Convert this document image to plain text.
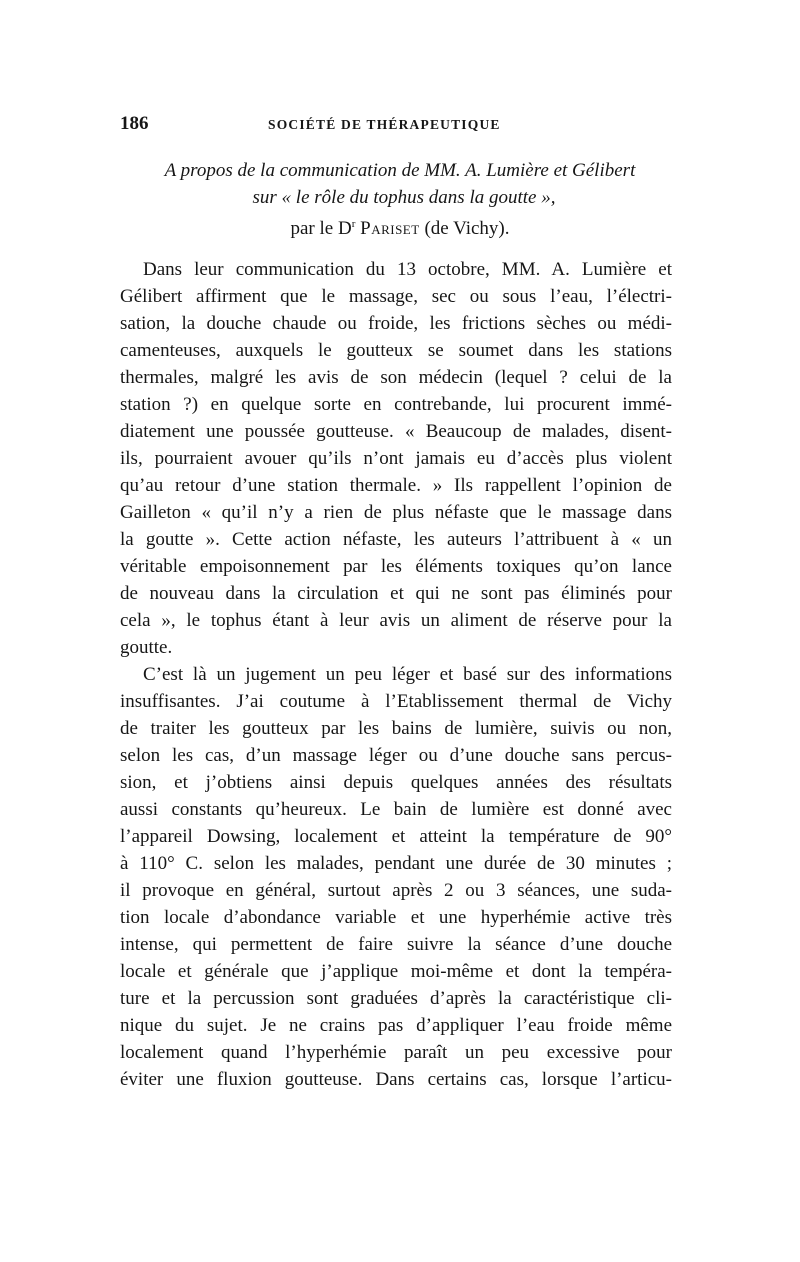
186	SOCIÉTÉ DE THÉRAPEUTIQUE
A propos de la communication de MM. A. Lumière et Gélibert
sur « le rôle du tophus dans la goutte »,
par le $D^r$ Pariset (de Vichy).
Dans leur communication du 13 octobre, MM. A. Lumière et
Gélibert affirment que le massage, sec ou sous l’eau, l’électri-
sation, la douche chaude ou froide, les frictions sèches ou médi-
camenteuses, auxquels le goutteux se soumet dans les stations
thermales, malgré les avis de son médecin (lequel ? celui de la
station ?) en quelque sorte en contrebande, lui procurent immé-
diatement une poussée goutteuse. « Beaucoup de malades, disent-
ils, pourraient avouer qu’ils n’ont jamais eu d’accès plus violent
qu’au retour d’une station thermale. » Ils rappellent l’opinion de
Gailleton « qu’il n’y a rien de plus néfaste que le massage dans
la goutte ». Cette action néfaste, les auteurs l’attribuent à « un
véritable empoisonnement par les éléments toxiques qu’on lance
de nouveau dans la circulation et qui ne sont pas éliminés pour
cela », le tophus étant à leur avis un aliment de réserve pour la
goutte.
C’est là un jugement un peu léger et basé sur des informations
insuffisantes. J’ai coutume à l’Etablissement thermal de Vichy
de traiter les goutteux par les bains de lumière, suivis ou non,
selon les cas, d’un massage léger ou d’une douche sans percus-
sion, et j’obtiens ainsi depuis quelques années des résultats
aussi constants qu’heureux. Le bain de lumière est donné avec
l’appareil Dowsing, localement et atteint la température de 90°
à 110° C. selon les malades, pendant une durée de 30 minutes ;
il provoque en général, surtout après 2 ou 3 séances, une suda-
tion locale d’abondance variable et une hyperhémie active très
intense, qui permettent de faire suivre la séance d’une douche
locale et générale que j’applique moi-même et dont la tempéra-
ture et la percussion sont graduées d’après la caractéristique cli-
nique du sujet. Je ne crains pas d’appliquer l’eau froide même
localement quand l’hyperhémie paraît un peu excessive pour
éviter une fluxion goutteuse. Dans certains cas, lorsque l’articu-
